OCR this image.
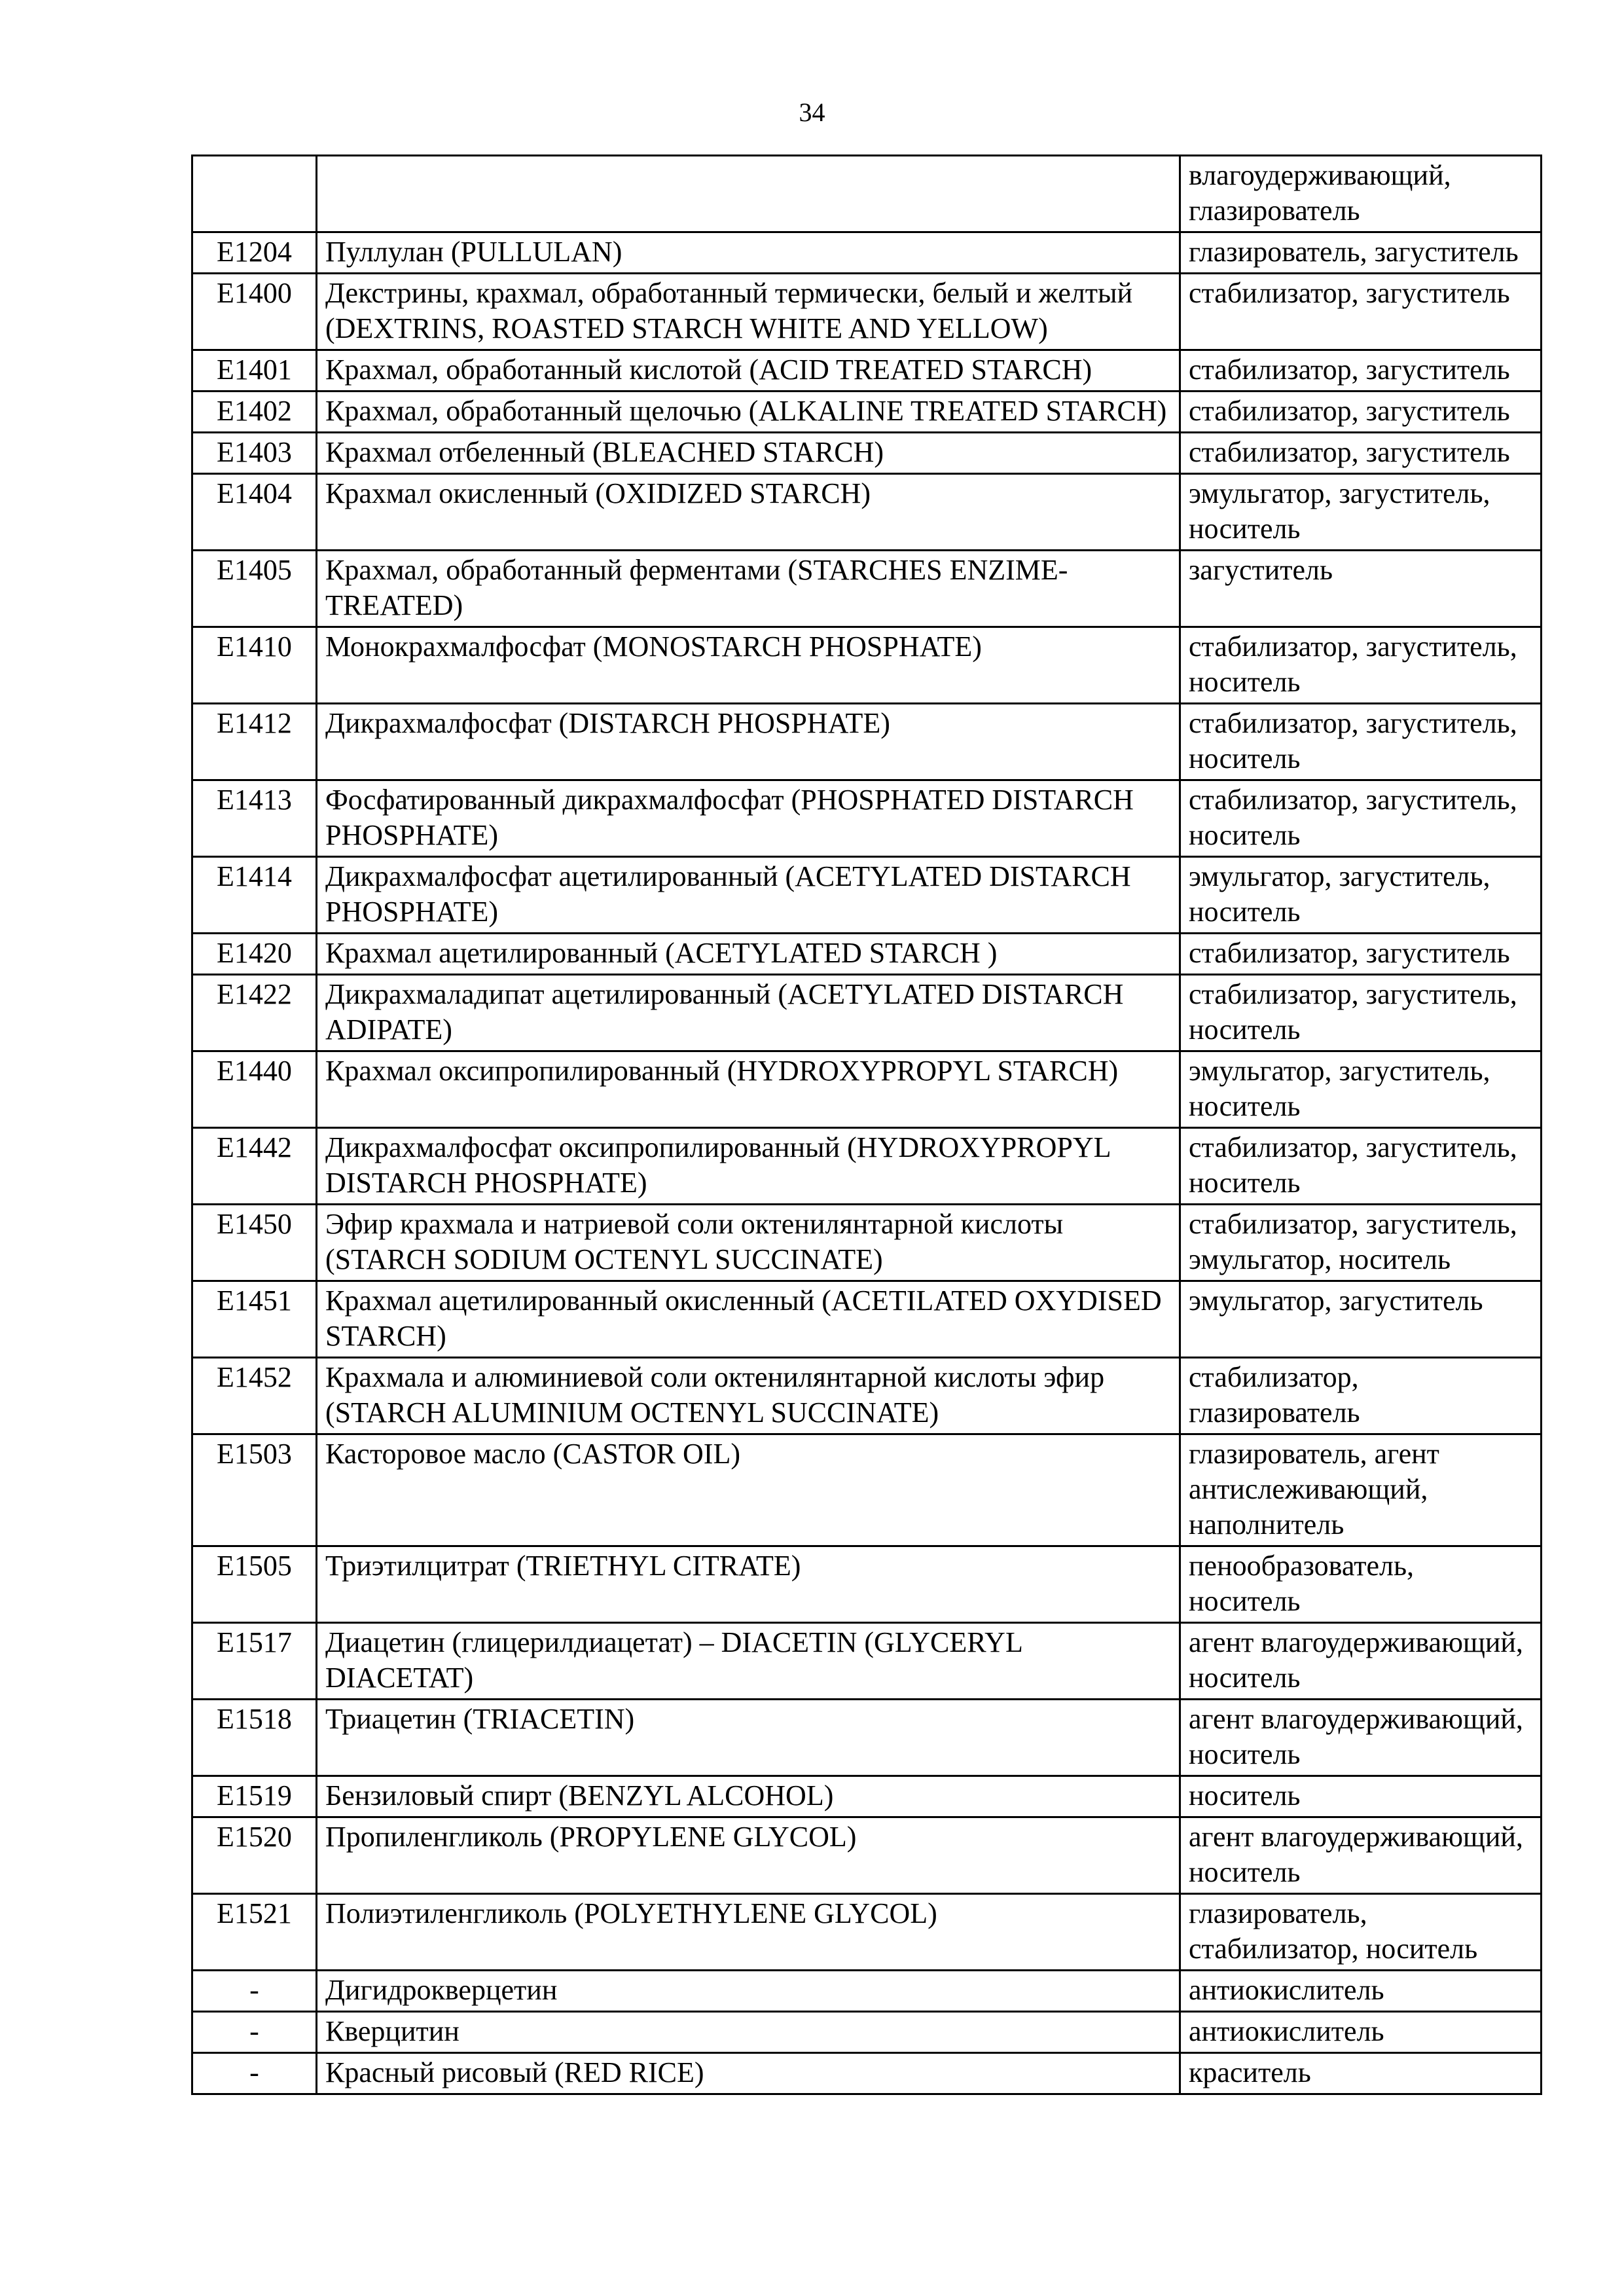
34
		влагоудерживающий, глазирователь
E1204	Пуллулан (PULLULAN)	глазирователь, загуститель
E1400	Декстрины, крахмал, обработанный термически, белый и желтый (DEXTRINS, ROASTED STARCH WHITE AND YELLOW)	стабилизатор, загуститель
E1401	Крахмал, обработанный кислотой (ACID TREATED STARCH)	стабилизатор, загуститель
E1402	Крахмал, обработанный щелочью (ALKALINE TREATED STARCH)	стабилизатор, загуститель
E1403	Крахмал отбеленный (BLEACHED STARCH)	стабилизатор, загуститель
E1404	Крахмал окисленный (OXIDIZED STARCH)	эмульгатор, загуститель, носитель
E1405	Крахмал, обработанный ферментами (STARCHES ENZIME-TREATED)	загуститель
E1410	Монокрахмалфосфат (MONOSTARCH PHOSPHATE)	стабилизатор, загуститель, носитель
E1412	Дикрахмалфосфат (DISTARCH PHOSPHATE)	стабилизатор, загуститель, носитель
E1413	Фосфатированный дикрахмалфосфат (PHOSPHATED DISTARCH PHOSPHATE)	стабилизатор, загуститель, носитель
E1414	Дикрахмалфосфат ацетилированный (ACETYLATED DISTARCH PHOSPHATE)	эмульгатор, загуститель, носитель
E1420	Крахмал ацетилированный (ACETYLATED STARCH )	стабилизатор, загуститель
E1422	Дикрахмаладипат ацетилированный (ACETYLATED DISTARCH ADIPATE)	стабилизатор, загуститель, носитель
E1440	Крахмал оксипропилированный (HYDROXYPROPYL STARCH)	эмульгатор, загуститель, носитель
E1442	Дикрахмалфосфат оксипропилированный (HYDROXYPROPYL DISTARCH PHOSPHATE)	стабилизатор, загуститель, носитель
E1450	Эфир крахмала и натриевой соли октенилянтарной кислоты (STARCH SODIUM OCTENYL SUCCINATE)	стабилизатор, загуститель, эмульгатор, носитель
E1451	Крахмал ацетилированный окисленный (ACETILATED OXYDISED STARCH)	эмульгатор, загуститель
E1452	Крахмала и алюминиевой соли октенилянтарной кислоты эфир (STARCH ALUMINIUM OCTENYL SUCCINATE)	стабилизатор, глазирователь
E1503	Касторовое масло (CASTOR OIL)	глазирователь, агент антислеживающий, наполнитель
E1505	Триэтилцитрат (TRIETHYL CITRATE)	пенообразователь, носитель
E1517	Диацетин (глицерилдиацетат) – DIACETIN (GLYCERYL DIACETAT)	агент влагоудерживающий, носитель
E1518	Триацетин (TRIACETIN)	агент влагоудерживающий, носитель
E1519	Бензиловый спирт (BENZYL ALCOHOL)	носитель
E1520	Пропиленгликоль (PROPYLENE GLYCOL)	агент влагоудерживающий, носитель
E1521	Полиэтиленгликоль (POLYETHYLENE GLYCOL)	глазирователь, стабилизатор, носитель
-	Дигидрокверцетин	антиокислитель
-	Кверцитин	антиокислитель
-	Красный рисовый (RED RICE)	краситель
